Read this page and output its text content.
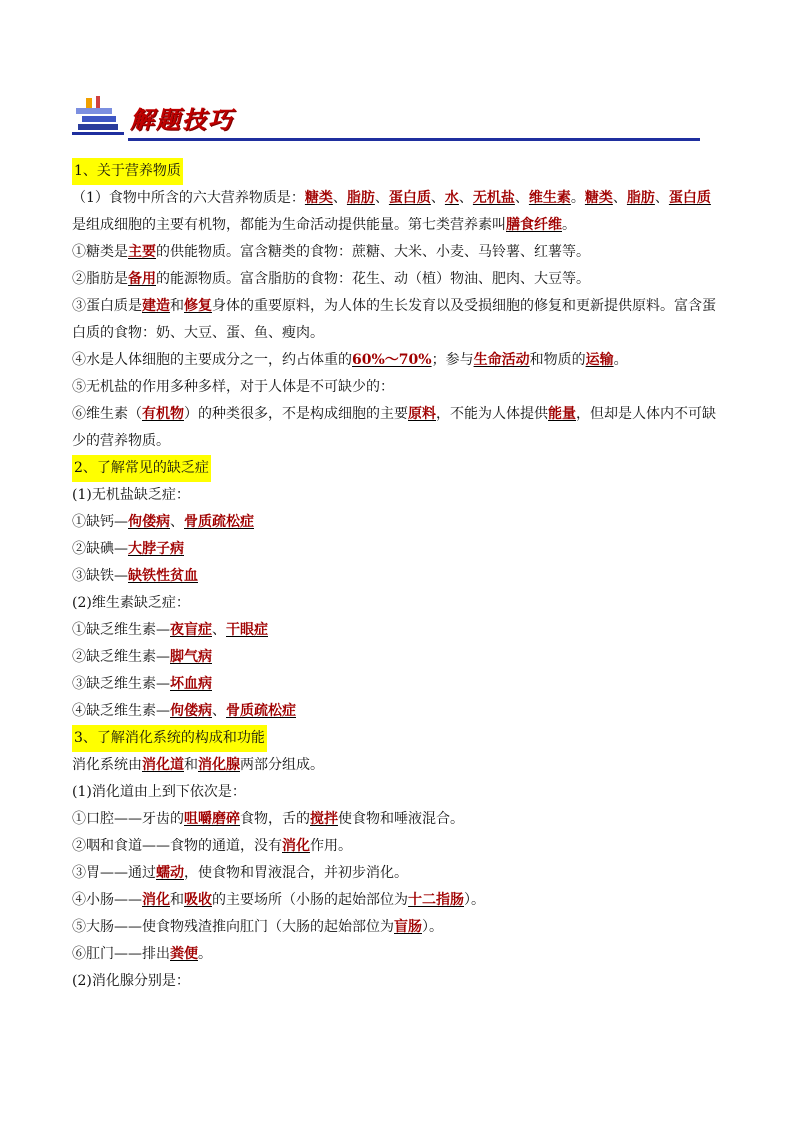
解题技巧
1、关于营养物质
（1）食物中所含的六大营养物质是：糖类、脂肪、蛋白质、水、无机盐、维生素。糖类、脂肪、蛋白质是组成细胞的主要有机物，都能为生命活动提供能量。第七类营养素叫膳食纤维。
①糖类是主要的供能物质。富含糖类的食物：蔗糖、大米、小麦、马铃薯、红薯等。
②脂肪是备用的能源物质。富含脂肪的食物：花生、动（植）物油、肥肉、大豆等。
③蛋白质是建造和修复身体的重要原料，为人体的生长发育以及受损细胞的修复和更新提供原料。富含蛋白质的食物：奶、大豆、蛋、鱼、瘦肉。
④水是人体细胞的主要成分之一，约占体重的60%～70%；参与生命活动和物质的运输。
⑤无机盐的作用多种多样，对于人体是不可缺少的：
⑥维生素（有机物）的种类很多，不是构成细胞的主要原料，不能为人体提供能量，但却是人体内不可缺少的营养物质。
2、了解常见的缺乏症
(1)无机盐缺乏症：
①缺钙—佝偻病、骨质疏松症
②缺碘—大脖子病
③缺铁—缺铁性贫血
(2)维生素缺乏症：
①缺乏维生素—夜盲症、干眼症
②缺乏维生素—脚气病
③缺乏维生素—坏血病
④缺乏维生素—佝偻病、骨质疏松症
3、了解消化系统的构成和功能
消化系统由消化道和消化腺两部分组成。
(1)消化道由上到下依次是：
①口腔——牙齿的咀嚼磨碎食物，舌的搅拌使食物和唾液混合。
②咽和食道——食物的通道，没有消化作用。
③胃——通过蠕动，使食物和胃液混合，并初步消化。
④小肠——消化和吸收的主要场所（小肠的起始部位为十二指肠）。
⑤大肠——使食物残渣推向肛门（大肠的起始部位为盲肠）。
⑥肛门——排出粪便。
(2)消化腺分别是：
